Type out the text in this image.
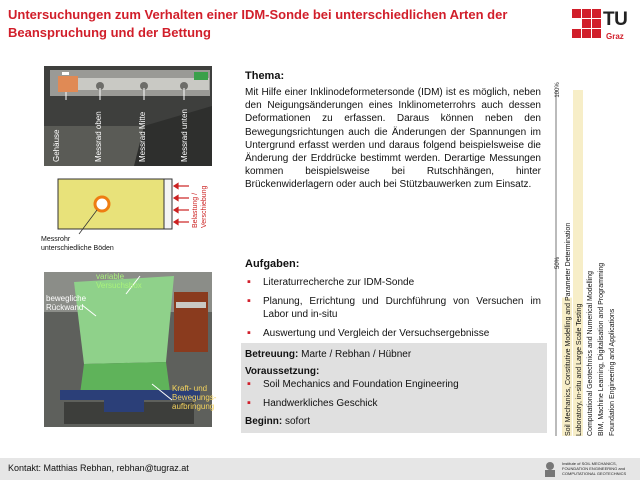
Untersuchungen zum Verhalten einer IDM-Sonde bei unterschiedlichen Arten der Beanspruchung und der Bettung
TU
Graz
Gehäuse	Messrad oben	Messrad Mitte	Messrad unten
Belastung / Verschiebung
Messrohr
unterschiedliche Böden
variable Versuchsbox
bewegliche Rückwand
Kraft- und Bewegungs-aufbringung
Thema:
Mit Hilfe einer Inklinodeformetersonde (IDM) ist es möglich, neben den Neigungsänderungen eines Inklinometerrohrs auch dessen Deformationen zu erfassen. Daraus können neben den Bewegungsrichtungen auch die Änderungen der Spannungen im Untergrund erfasst werden und daraus folgend beispielsweise die Änderung der Erddrücke bestimmt werden. Derartige Messungen kommen beispielsweise bei Rutschhängen, hinter Brückenwiderlagern oder auch bei Stützbauwerken zum Einsatz.
Aufgaben:
▪ Literaturrecherche zur IDM-Sonde
▪ Planung, Errichtung und Durchführung von Versuchen im Labor und in-situ
▪ Auswertung und Vergleich der Versuchsergebnisse
Betreuung: Marte / Rebhan / Hübner
Voraussetzung:
Beginn: sofort
▪ Soil Mechanics and Foundation Engineering
▪ Handwerkliches Geschick
100%
50% Soil Mechanics, Constitutive Modelling and Parameter Determination Laboratory, in-situ and Large Scale Testing Computational Geotechnics and Numerical Modelling BIM, Machine Learning, Digitalisation and Programming Foundation Engineering and Applications
Kontakt: Matthias Rebhan, rebhan@tugraz.at	Institute of SOIL MECHANICS, FOUNDATION ENGINEERING and COMPUTATIONAL GEOTECHNICS
